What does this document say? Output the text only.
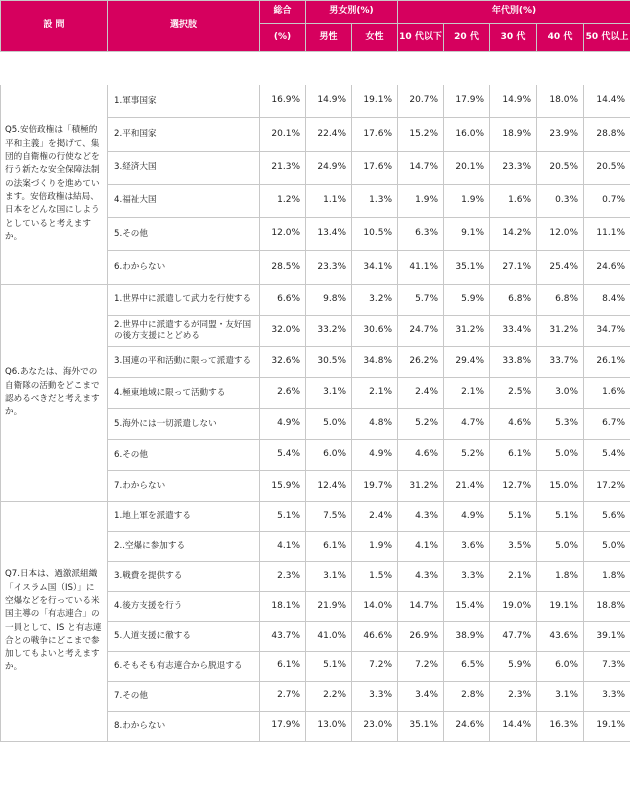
設 問	選択肢	総合	男女別(%)		年代別(%)				
		(%)	男性	女性	10 代以下	20 代	30 代	40 代	50 代以上

Q5.安倍政権は「積極的平和主義」を掲げて、集団的自衛権の行使などを行う新たな安全保障法制の法案づくりを進めています。安倍政権は結局、日本をどんな国にしようとしていると考えますか。	1.軍事国家	16.9%	14.9%	19.1%	20.7%	17.9%	14.9%	18.0%	14.4%
	2.平和国家	20.1%	22.4%	17.6%	15.2%	16.0%	18.9%	23.9%	28.8%
	3.経済大国	21.3%	24.9%	17.6%	14.7%	20.1%	23.3%	20.5%	20.5%
	4.福祉大国	1.2%	1.1%	1.3%	1.9%	1.9%	1.6%	0.3%	0.7%
	5.その他	12.0%	13.4%	10.5%	6.3%	9.1%	14.2%	12.0%	11.1%
	6.わからない	28.5%	23.3%	34.1%	41.1%	35.1%	27.1%	25.4%	24.6%
Q6.あなたは、海外での自衛隊の活動をどこまで認めるべきだと考えますか。	1.世界中に派遣して武力を行使する	6.6%	9.8%	3.2%	5.7%	5.9%	6.8%	6.8%	8.4%
	2.世界中に派遣するが同盟・友好国の後方支援にとどめる	32.0%	33.2%	30.6%	24.7%	31.2%	33.4%	31.2%	34.7%
	3.国連の平和活動に限って派遣する	32.6%	30.5%	34.8%	26.2%	29.4%	33.8%	33.7%	26.1%
	4.極東地域に限って活動する	2.6%	3.1%	2.1%	2.4%	2.1%	2.5%	3.0%	1.6%
	5.海外には一切派遣しない	4.9%	5.0%	4.8%	5.2%	4.7%	4.6%	5.3%	6.7%
	6.その他	5.4%	6.0%	4.9%	4.6%	5.2%	6.1%	5.0%	5.4%
	7.わからない	15.9%	12.4%	19.7%	31.2%	21.4%	12.7%	15.0%	17.2%
Q7.日本は、過激派組織「イスラム国（IS）」に空爆などを行っている米国主導の「有志連合」の一員として、IS と有志連合との戦争にどこまで参加してもよいと考えますか。	1.地上軍を派遣する	5.1%	7.5%	2.4%	4.3%	4.9%	5.1%	5.1%	5.6%
	2..空爆に参加する	4.1%	6.1%	1.9%	4.1%	3.6%	3.5%	5.0%	5.0%
	3.戦費を提供する	2.3%	3.1%	1.5%	4.3%	3.3%	2.1%	1.8%	1.8%
	4.後方支援を行う	18.1%	21.9%	14.0%	14.7%	15.4%	19.0%	19.1%	18.8%
	5.人道支援に徹する	43.7%	41.0%	46.6%	26.9%	38.9%	47.7%	43.6%	39.1%
	6.そもそも有志連合から脱退する	6.1%	5.1%	7.2%	7.2%	6.5%	5.9%	6.0%	7.3%
	7.その他	2.7%	2.2%	3.3%	3.4%	2.8%	2.3%	3.1%	3.3%
	8.わからない	17.9%	13.0%	23.0%	35.1%	24.6%	14.4%	16.3%	19.1%
